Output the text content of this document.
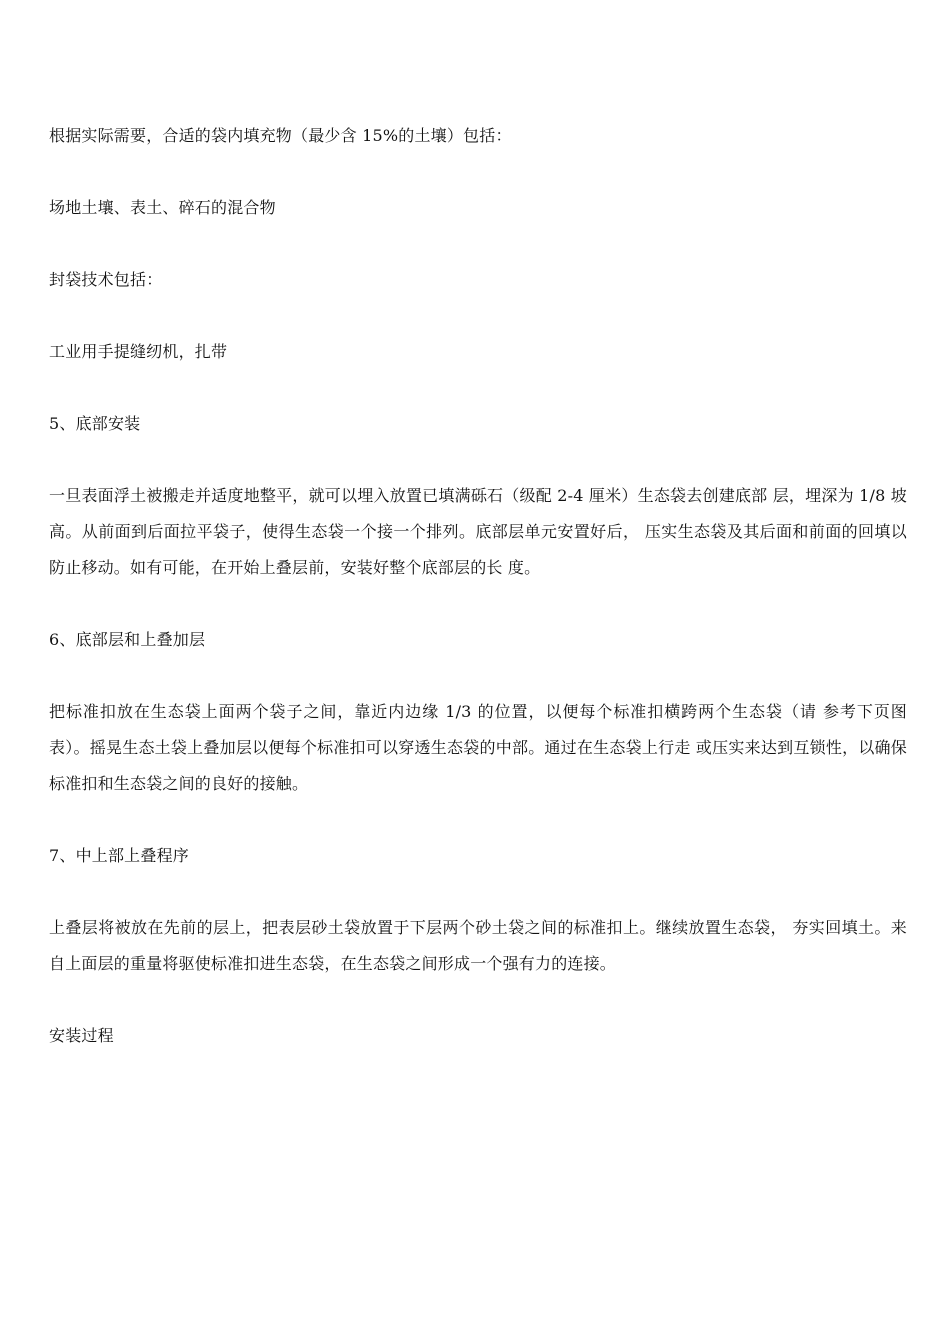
根据实际需要，合适的袋内填充物（最少含 15%的土壤）包括：

场地土壤、表土、碎石的混合物

封袋技术包括：

工业用手提缝纫机，扎带

5、底部安装

一旦表面浮土被搬走并适度地整平，就可以埋入放置已填满砾石（级配 2-4 厘米）生态袋去创建底部 层，埋深为 1/8 坡高。从前面到后面拉平袋子，使得生态袋一个接一个排列。底部层单元安置好后， 压实生态袋及其后面和前面的回填以防止移动。如有可能，在开始上叠层前，安装好整个底部层的长 度。

6、底部层和上叠加层

把标准扣放在生态袋上面两个袋子之间，靠近内边缘 1/3 的位置，以便每个标准扣横跨两个生态袋（请 参考下页图表）。摇晃生态土袋上叠加层以便每个标准扣可以穿透生态袋的中部。通过在生态袋上行走 或压实来达到互锁性，以确保标准扣和生态袋之间的良好的接触。

7、中上部上叠程序

上叠层将被放在先前的层上，把表层砂土袋放置于下层两个砂土袋之间的标准扣上。继续放置生态袋， 夯实回填土。来自上面层的重量将驱使标准扣进生态袋，在生态袋之间形成一个强有力的连接。

安装过程
